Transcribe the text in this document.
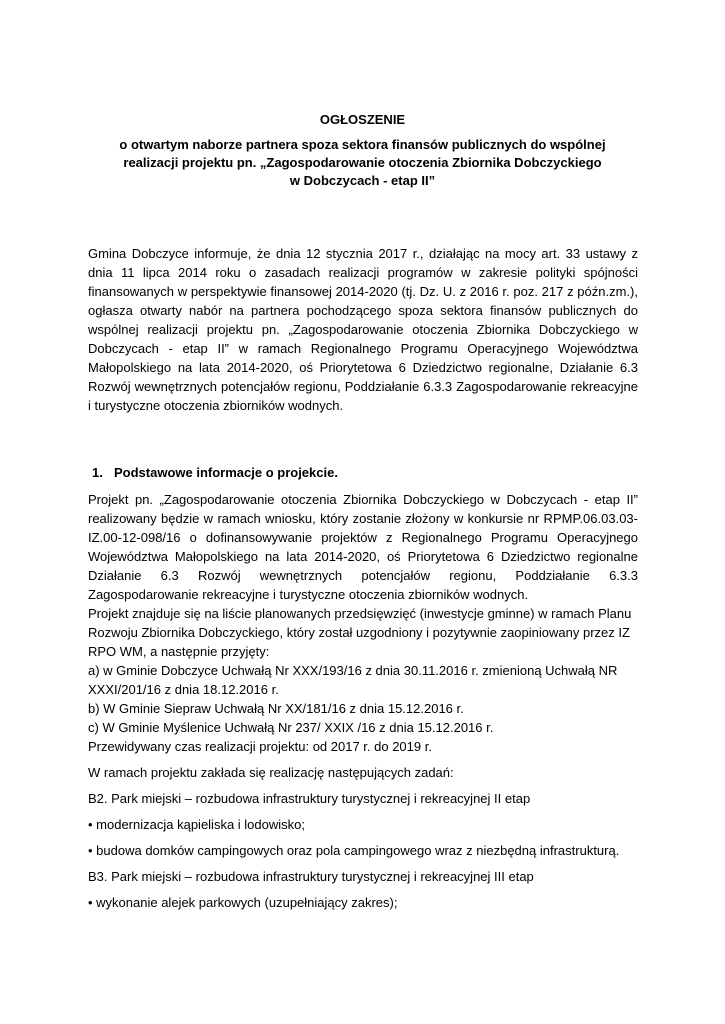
OGŁOSZENIE
o otwartym naborze partnera spoza sektora finansów publicznych do wspólnej
realizacji projektu pn. „Zagospodarowanie otoczenia Zbiornika Dobczyckiego
w Dobczycach - etap II”
Gmina Dobczyce informuje, że dnia 12 stycznia 2017 r., działając na mocy art. 33 ustawy z dnia 11 lipca 2014 roku o zasadach realizacji programów w zakresie polityki spójności finansowanych w perspektywie finansowej 2014-2020 (tj. Dz. U. z 2016 r. poz. 217 z późn.zm.), ogłasza otwarty nabór na partnera pochodzącego spoza sektora finansów publicznych do wspólnej realizacji projektu pn. „Zagospodarowanie otoczenia Zbiornika Dobczyckiego w Dobczycach - etap II” w ramach Regionalnego Programu Operacyjnego Województwa Małopolskiego na lata 2014-2020, oś Priorytetowa 6 Dziedzictwo regionalne, Działanie 6.3 Rozwój wewnętrznych potencjałów regionu, Poddziałanie 6.3.3 Zagospodarowanie rekreacyjne i turystyczne otoczenia zbiorników wodnych.
1. Podstawowe informacje o projekcie.
Projekt pn. „Zagospodarowanie otoczenia Zbiornika Dobczyckiego w Dobczycach - etap II” realizowany będzie w ramach wniosku, który zostanie złożony w konkursie nr RPMP.06.03.03-IZ.00-12-098/16 o dofinansowywanie projektów z Regionalnego Programu Operacyjnego Województwa Małopolskiego na lata 2014-2020, oś Priorytetowa 6 Dziedzictwo regionalne Działanie 6.3 Rozwój wewnętrznych potencjałów regionu, Poddziałanie 6.3.3 Zagospodarowanie rekreacyjne i turystyczne otoczenia zbiorników wodnych.
Projekt znajduje się na liście planowanych przedsięwzięć (inwestycje gminne) w ramach Planu
Rozwoju Zbiornika Dobczyckiego, który został uzgodniony i pozytywnie zaopiniowany przez IZ
RPO WM, a następnie przyjęty:
a) w Gminie Dobczyce Uchwałą Nr XXX/193/16 z dnia 30.11.2016 r. zmienioną Uchwałą NR
XXXI/201/16 z dnia 18.12.2016 r.
b) W Gminie Siepraw Uchwałą Nr XX/181/16 z dnia 15.12.2016 r.
c) W Gminie Myślenice Uchwałą Nr 237/ XXIX /16 z dnia 15.12.2016 r.
Przewidywany czas realizacji projektu: od 2017 r. do 2019 r.
W ramach projektu zakłada się realizację następujących zadań:
B2. Park miejski – rozbudowa infrastruktury turystycznej i rekreacyjnej II etap
• modernizacja kąpieliska i lodowisko;
• budowa domków campingowych oraz pola campingowego wraz z niezbędną infrastrukturą.
B3. Park miejski – rozbudowa infrastruktury turystycznej i rekreacyjnej III etap
• wykonanie alejek parkowych (uzupełniający zakres);
